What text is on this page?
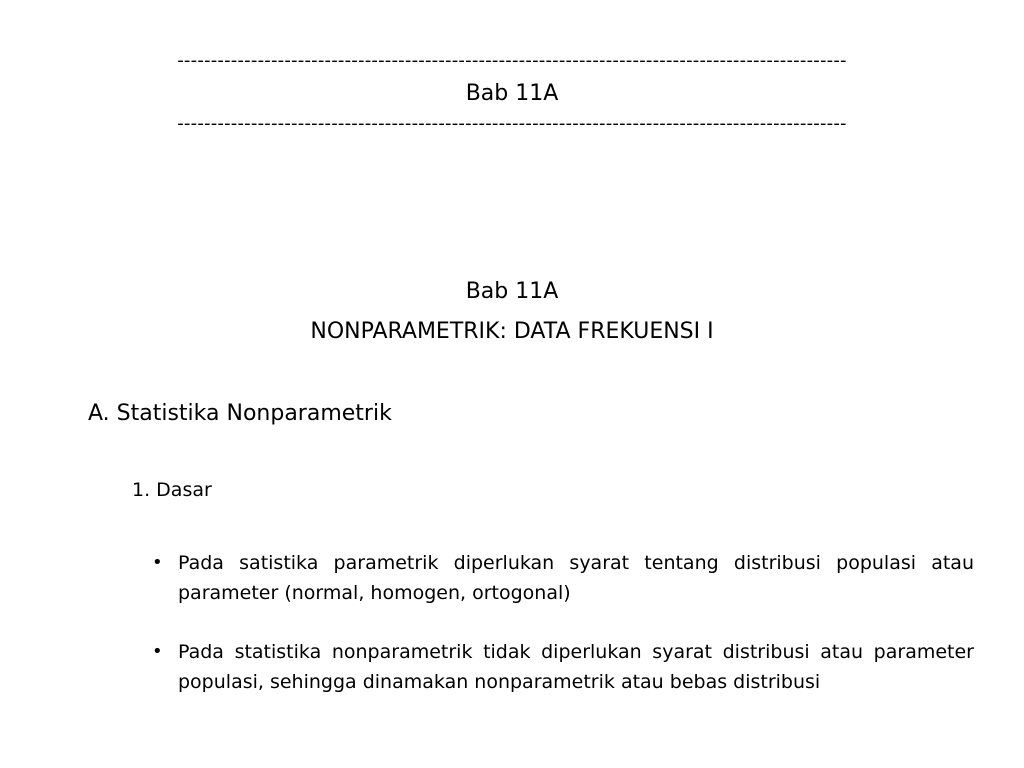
----------------------------------------------------------------------------------------------------
Bab 11A
----------------------------------------------------------------------------------------------------
Bab 11A
NONPARAMETRIK: DATA FREKUENSI I
A. Statistika Nonparametrik
1. Dasar
• Pada satistika parametrik diperlukan syarat tentang distribusi populasi atau parameter (normal, homogen, ortogonal)
• Pada statistika nonparametrik tidak diperlukan syarat distribusi atau parameter populasi, sehingga dinamakan nonparametrik atau bebas distribusi
